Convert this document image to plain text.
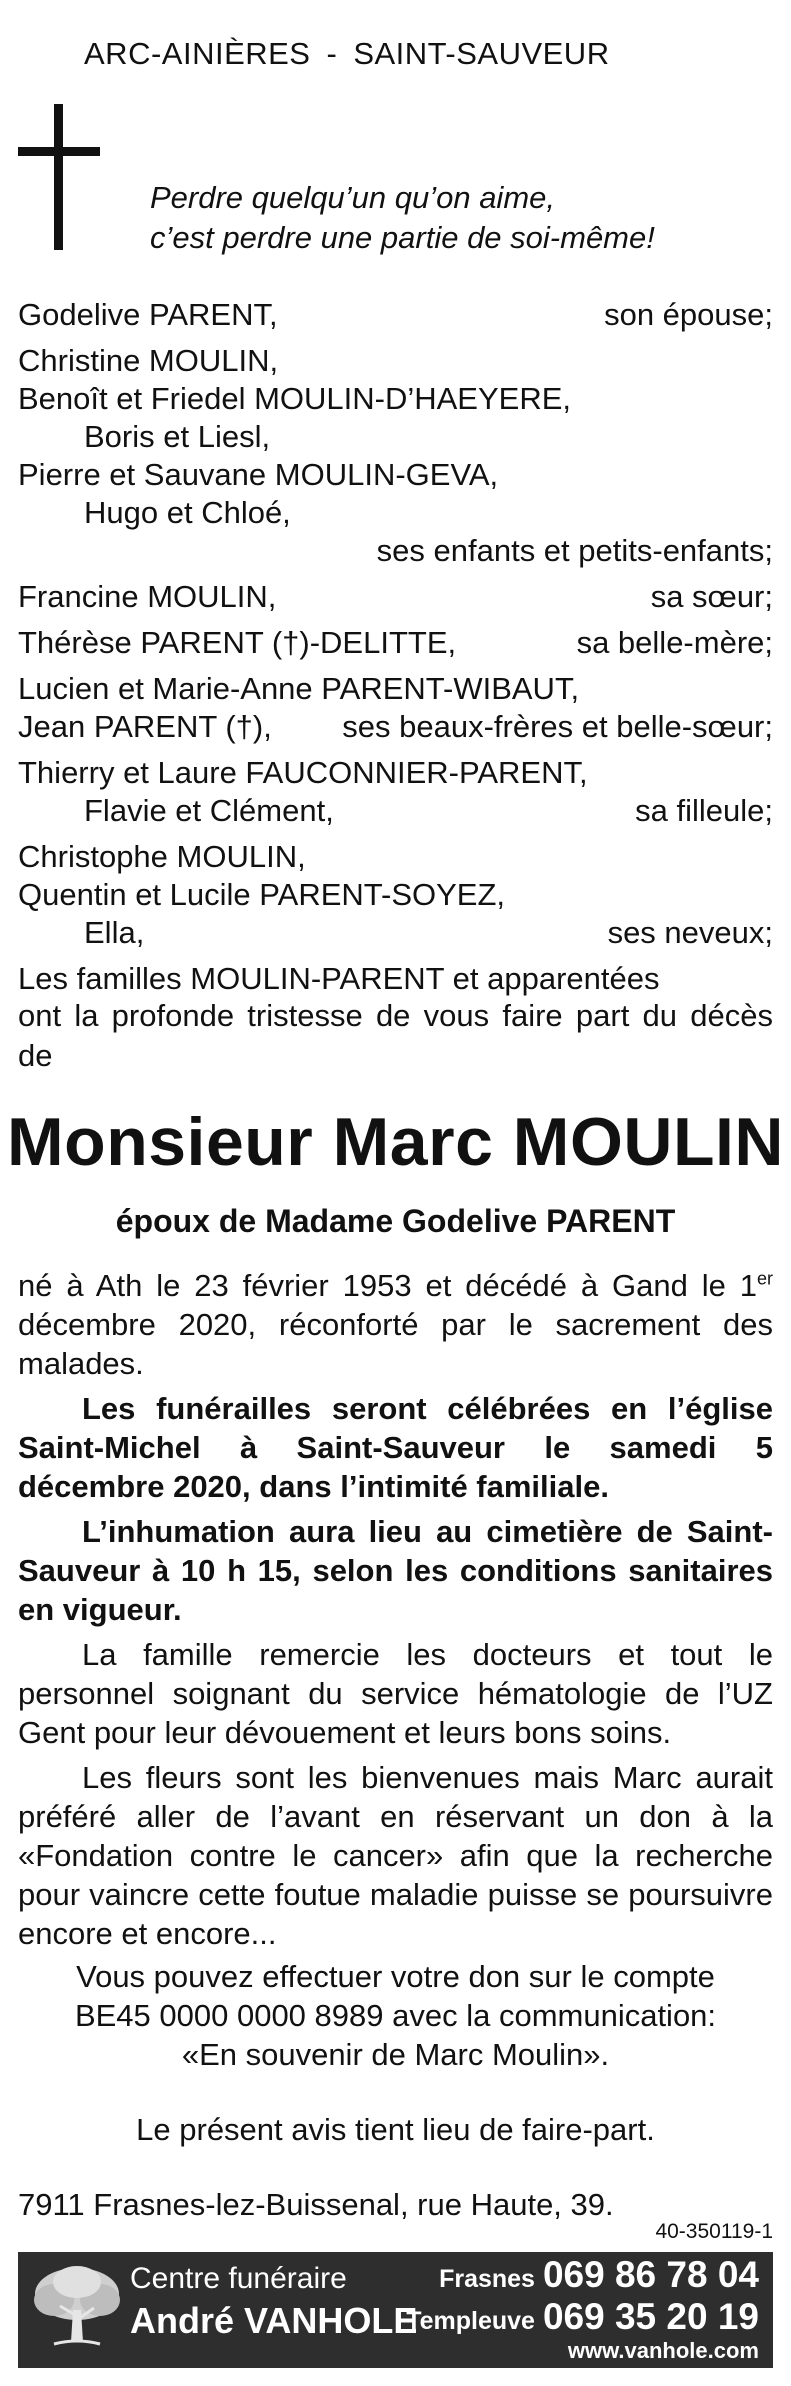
ARC-AINIÈRES - SAINT-SAUVEUR
Perdre quelqu’un qu’on aime,
c’est perdre une partie de soi-même!
Godelive PARENT,	son épouse;
Christine MOULIN,
Benoît et Friedel MOULIN-D’HAEYERE,
Boris et Liesl,
Pierre et Sauvane MOULIN-GEVA,
Hugo et Chloé,
ses enfants et petits-enfants;
Francine MOULIN,	sa sœur;
Thérèse PARENT (†)-DELITTE,	sa belle-mère;
Lucien et Marie-Anne PARENT-WIBAUT,
Jean PARENT (†), ses beaux-frères et belle-sœur;
Thierry et Laure FAUCONNIER-PARENT,
Flavie et Clément,	sa filleule;
Christophe MOULIN,
Quentin et Lucile PARENT-SOYEZ,
Ella,	ses neveux;
Les familles MOULIN-PARENT et apparentées
ont la profonde tristesse de vous faire part du décès de
Monsieur Marc MOULIN
époux de Madame Godelive PARENT

né à Ath le 23 février 1953 et décédé à Gand le 1er décembre 2020, réconforté par le sacrement des malades.

Les funérailles seront célébrées en l’église Saint-Michel à Saint-Sauveur le samedi 5 décembre 2020, dans l’intimité familiale.

L’inhumation aura lieu au cimetière de Saint-Sauveur à 10 h 15, selon les conditions sanitaires en vigueur.

La famille remercie les docteurs et tout le personnel soignant du service hématologie de l’UZ Gent pour leur dévouement et leurs bons soins.

Les fleurs sont les bienvenues mais Marc aurait préféré aller de l’avant en réservant un don à la «Fondation contre le cancer» afin que la recherche pour vaincre cette foutue maladie puisse se poursuivre encore et encore...

Vous pouvez effectuer votre don sur le compte
BE45 0000 0000 8989 avec la communication:
«En souvenir de Marc Moulin».
Le présent avis tient lieu de faire-part.
7911 Frasnes-lez-Buissenal, rue Haute, 39.
40-350119-1
Centre funéraire
André VANHOLE
Frasnes 069 86 78 04
Templeuve 069 35 20 19
www.vanhole.com
